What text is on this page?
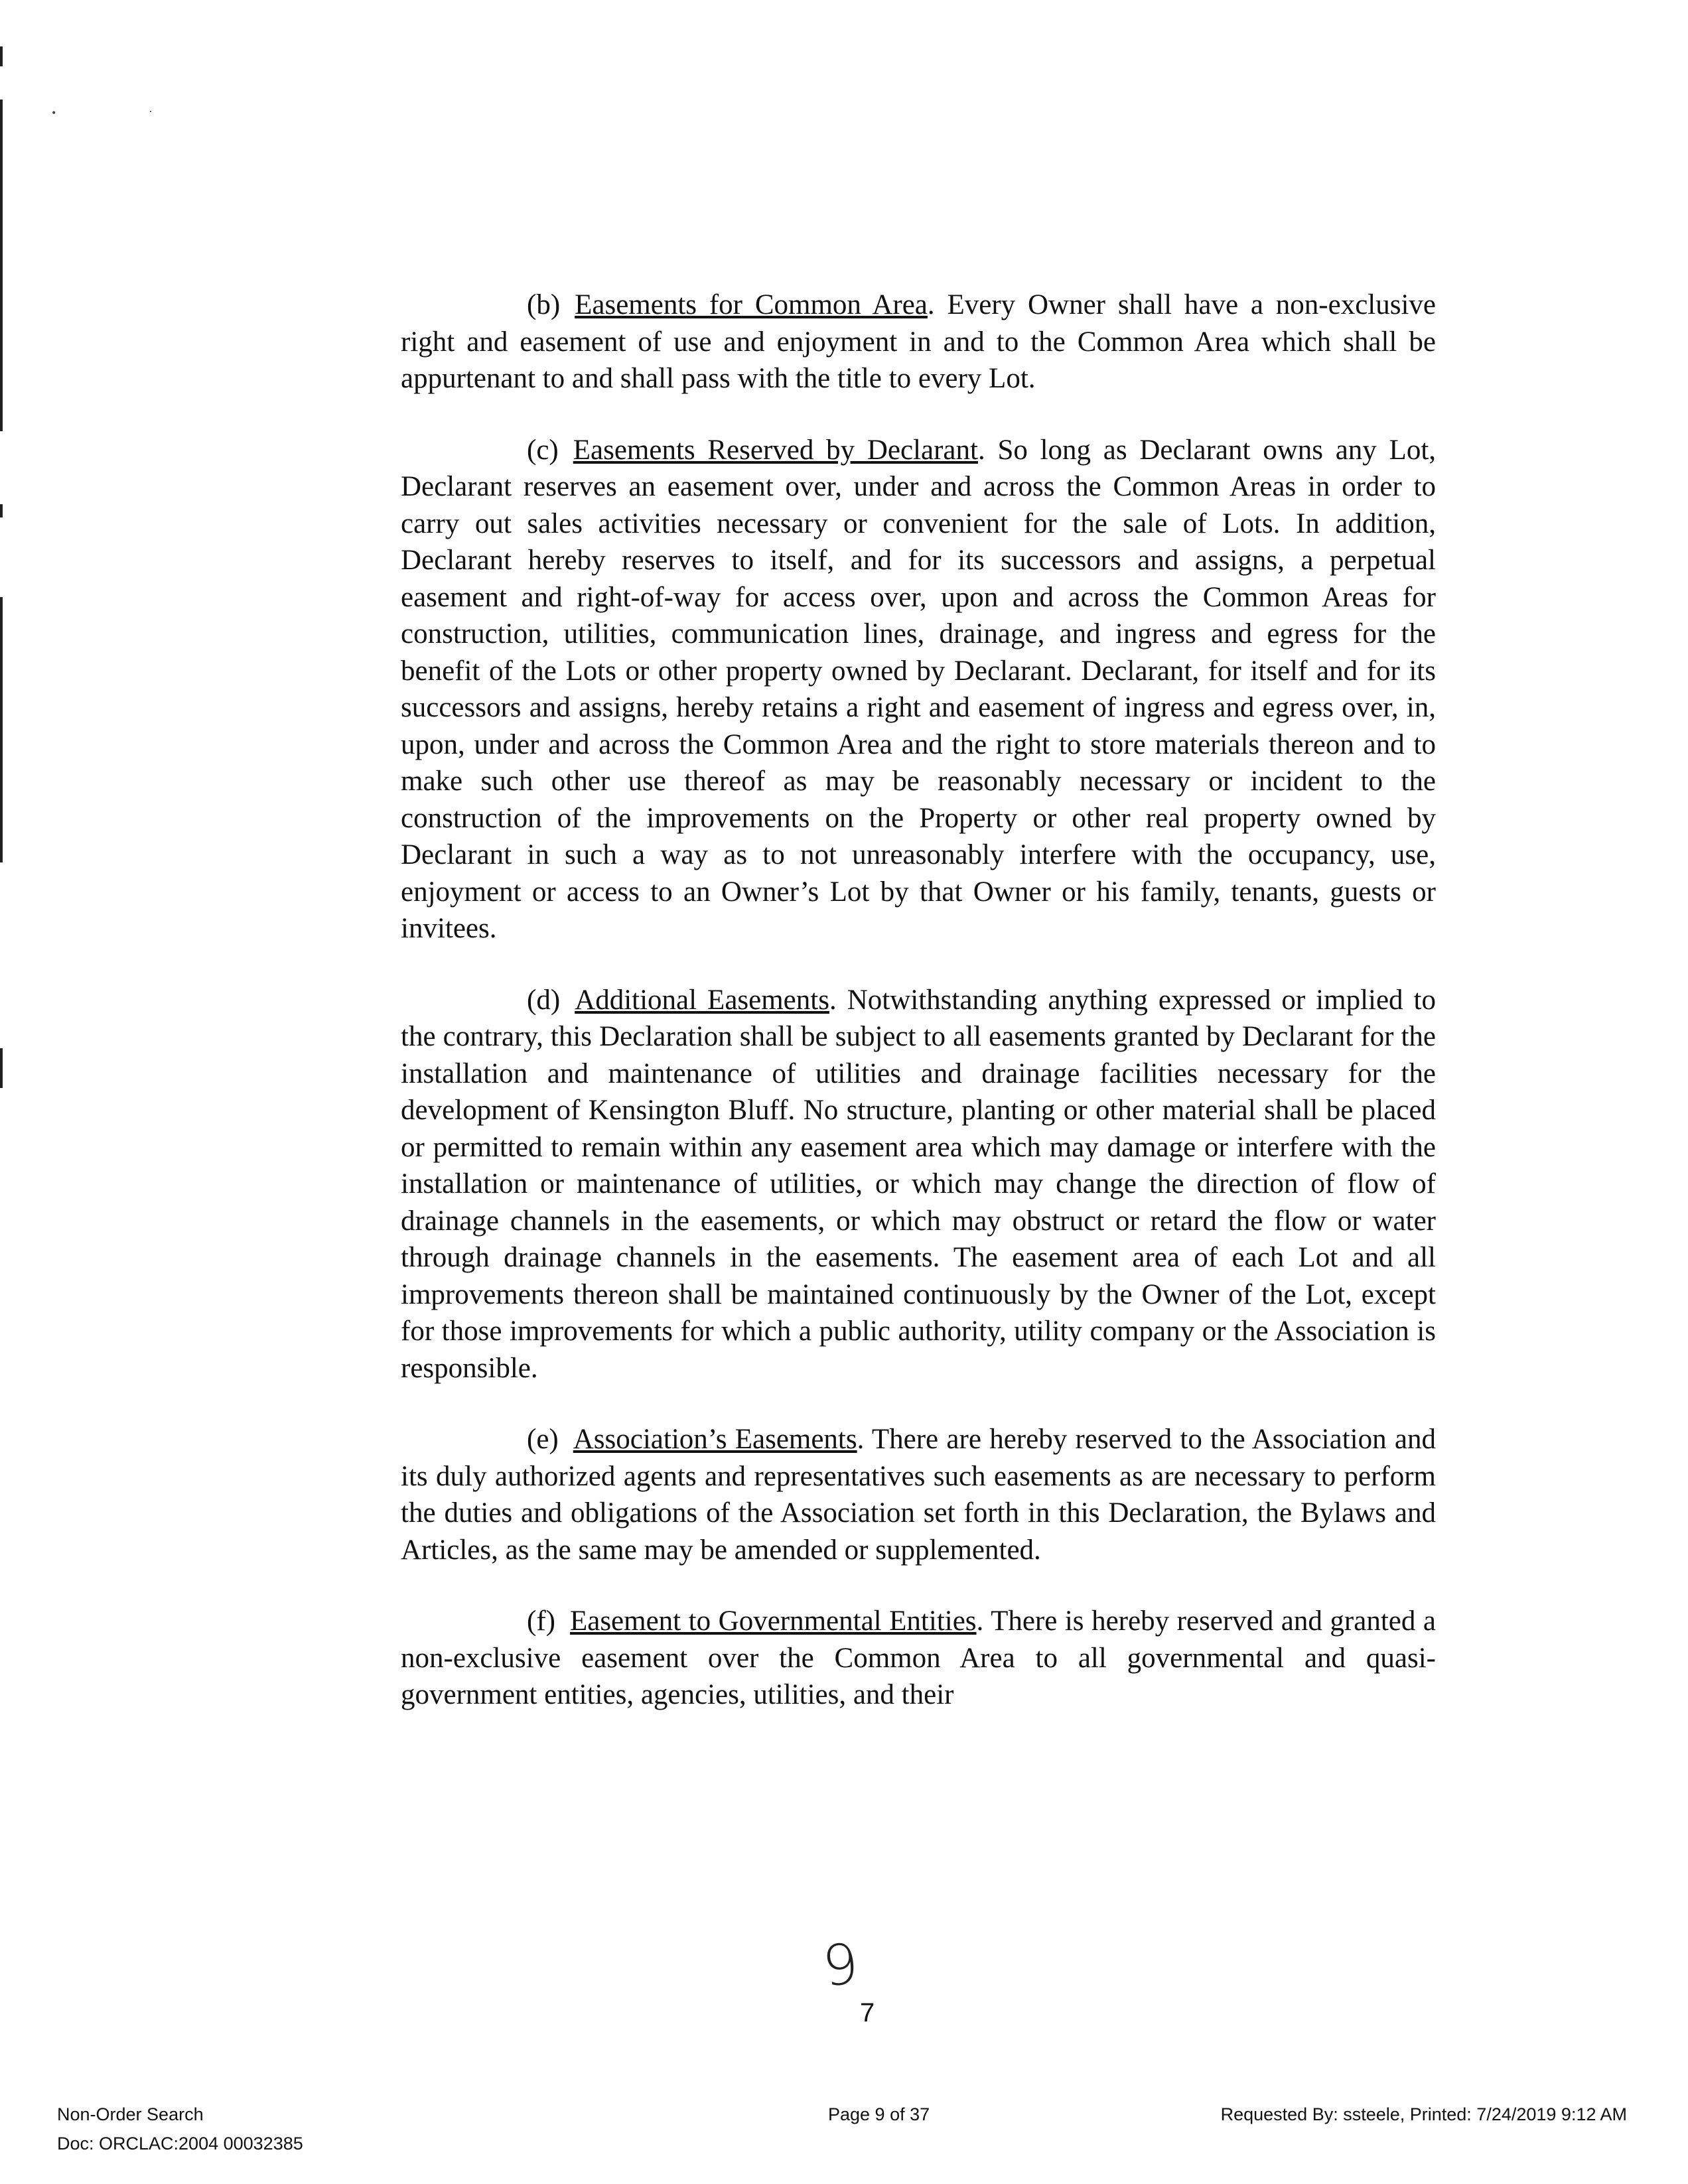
•	·

(b) Easements for Common Area. Every Owner shall have a non-exclusive right and easement of use and enjoyment in and to the Common Area which shall be appurtenant to and shall pass with the title to every Lot.

(c) Easements Reserved by Declarant. So long as Declarant owns any Lot, Declarant reserves an easement over, under and across the Common Areas in order to carry out sales activities necessary or convenient for the sale of Lots. In addition, Declarant hereby reserves to itself, and for its successors and assigns, a perpetual easement and right-of-way for access over, upon and across the Common Areas for construction, utilities, communication lines, drainage, and ingress and egress for the benefit of the Lots or other property owned by Declarant. Declarant, for itself and for its successors and assigns, hereby retains a right and easement of ingress and egress over, in, upon, under and across the Common Area and the right to store materials thereon and to make such other use thereof as may be reasonably necessary or incident to the construction of the improvements on the Property or other real property owned by Declarant in such a way as to not unreasonably interfere with the occupancy, use, enjoyment or access to an Owner’s Lot by that Owner or his family, tenants, guests or invitees.

(d) Additional Easements. Notwithstanding anything expressed or implied to the contrary, this Declaration shall be subject to all easements granted by Declarant for the installation and maintenance of utilities and drainage facilities necessary for the development of Kensington Bluff. No structure, planting or other material shall be placed or permitted to remain within any easement area which may damage or interfere with the installation or maintenance of utilities, or which may change the direction of flow of drainage channels in the easements, or which may obstruct or retard the flow or water through drainage channels in the easements. The easement area of each Lot and all improvements thereon shall be maintained continuously by the Owner of the Lot, except for those improvements for which a public authority, utility company or the Association is responsible.

(e) Association’s Easements. There are hereby reserved to the Association and its duly authorized agents and representatives such easements as are necessary to perform the duties and obligations of the Association set forth in this Declaration, the Bylaws and Articles, as the same may be amended or supplemented.

(f) Easement to Governmental Entities. There is hereby reserved and granted a non-exclusive easement over the Common Area to all governmental and quasi-government entities, agencies, utilities, and their

9
7
Non-Order Search
Doc: ORCLAC:2004 00032385
Page 9 of 37	Requested By: ssteele, Printed: 7/24/2019 9:12 AM
